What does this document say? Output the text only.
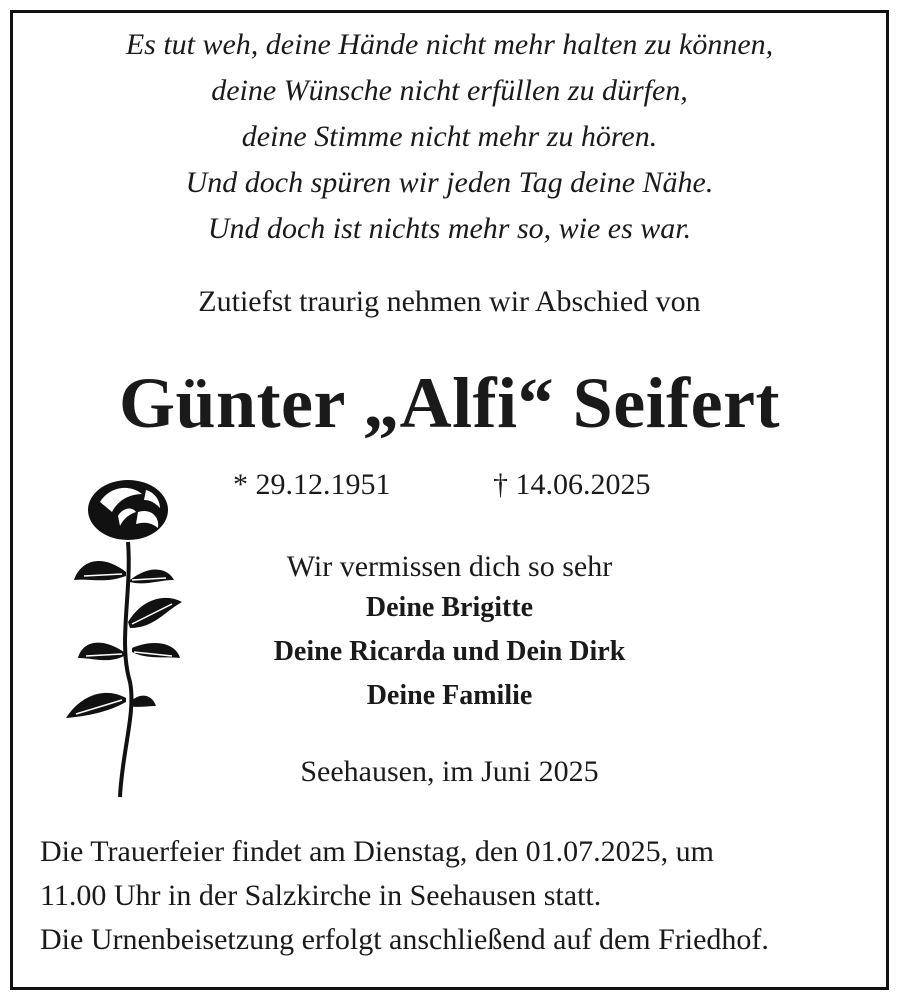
Es tut weh, deine Hände nicht mehr halten zu können,
deine Wünsche nicht erfüllen zu dürfen,
deine Stimme nicht mehr zu hören.
Und doch spüren wir jeden Tag deine Nähe.
Und doch ist nichts mehr so, wie es war.
Zutiefst traurig nehmen wir Abschied von
Günter „Alfi“ Seifert
* 29.12.1951	† 14.06.2025
Wir vermissen dich so sehr
Deine Brigitte
Deine Ricarda und Dein Dirk
Deine Familie
Seehausen, im Juni 2025
Die Trauerfeier findet am Dienstag, den 01.07.2025, um
11.00 Uhr in der Salzkirche in Seehausen statt.
Die Urnenbeisetzung erfolgt anschließend auf dem Friedhof.
